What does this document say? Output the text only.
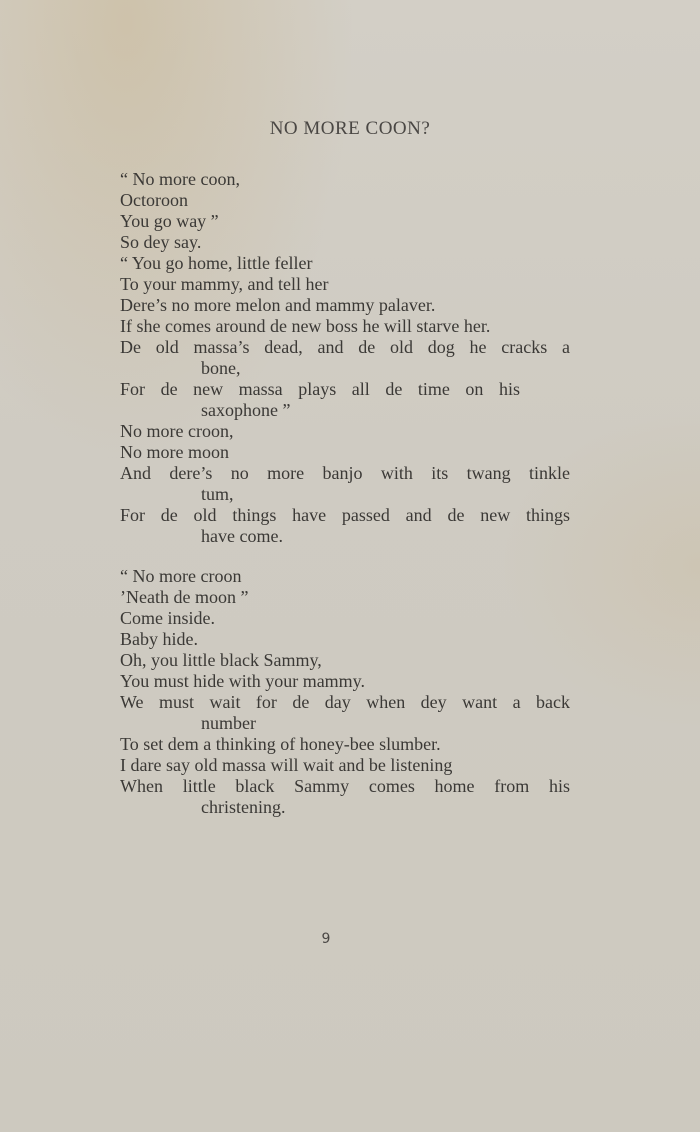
NO MORE COON?
“ No more coon,
Octoroon
You go way ”
So dey say.
“ You go home, little feller
To your mammy, and tell her
Dere’s no more melon and mammy palaver.
If she comes around de new boss he will starve her.
De old massa’s dead, and de old dog he cracks a
bone,
For de new massa plays all de time on his
saxophone ”
No more croon,
No more moon
And dere’s no more banjo with its twang tinkle
tum,
For de old things have passed and de new things
have come.
“ No more croon
’Neath de moon ”
Come inside.
Baby hide.
Oh, you little black Sammy,
You must hide with your mammy.
We must wait for de day when dey want a back
number
To set dem a thinking of honey-bee slumber.
I dare say old massa will wait and be listening
When little black Sammy comes home from his
christening.
9
